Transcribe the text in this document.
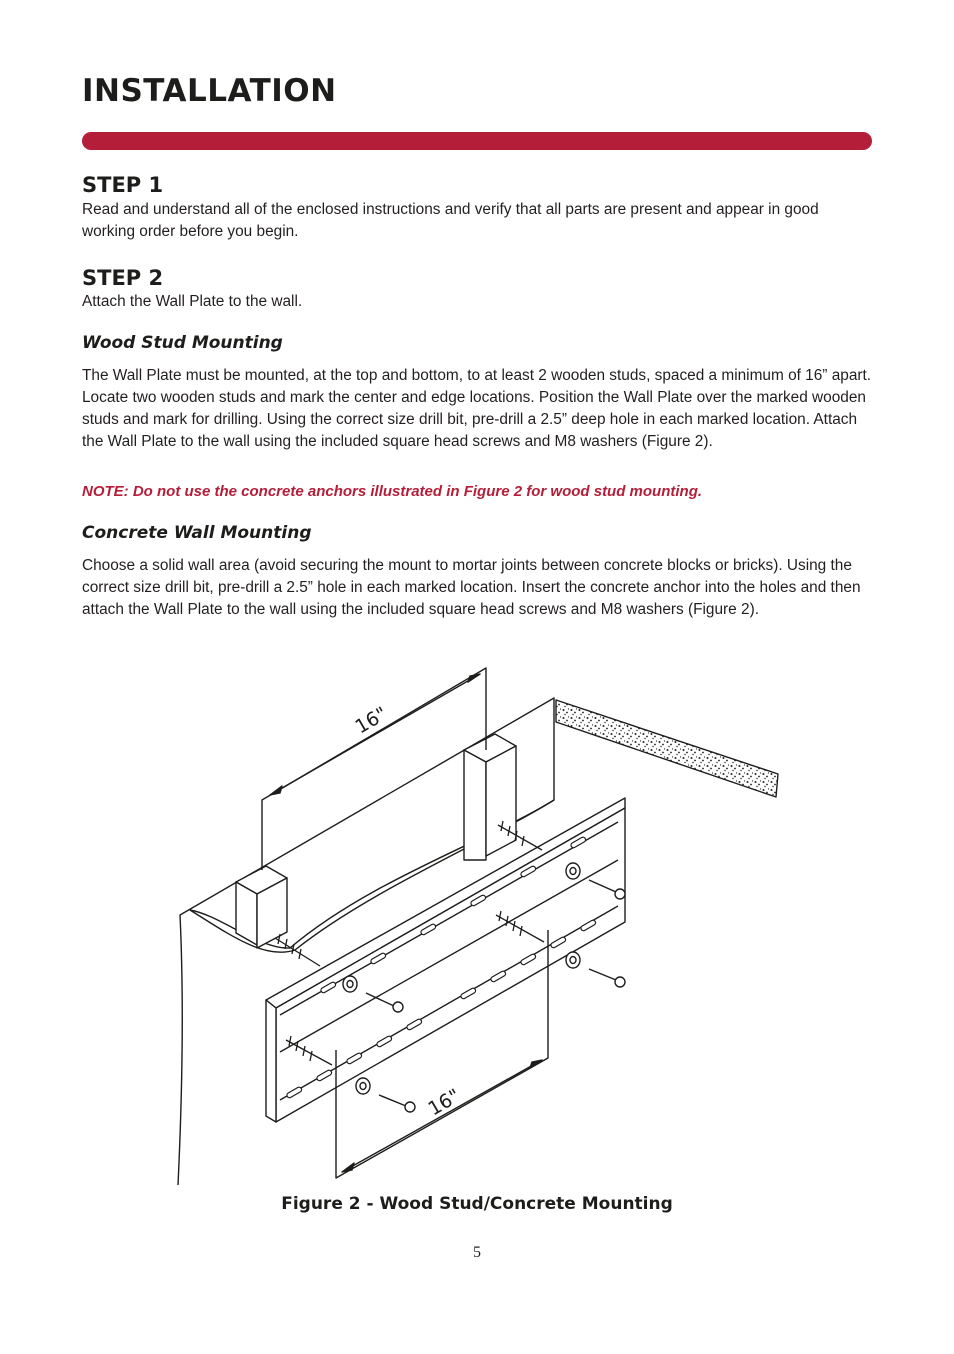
INSTALLATION
STEP 1

Read and understand all of the enclosed instructions and verify that all parts are present and appear in good working order before you begin.

STEP 2

Attach the Wall Plate to the wall.

Wood Stud Mounting

The Wall Plate must be mounted, at the top and bottom, to at least 2 wooden studs, spaced a minimum of 16” apart. Locate two wooden studs and mark the center and edge locations. Position the Wall Plate over the marked wooden studs and mark for drilling. Using the correct size drill bit, pre-drill a 2.5” deep hole in each marked location. Attach the Wall Plate to the wall using the included square head screws and M8 washers (Figure 2).

NOTE: Do not use the concrete anchors illustrated in Figure 2 for wood stud mounting.

Concrete Wall Mounting

Choose a solid wall area (avoid securing the mount to mortar joints between concrete blocks or bricks). Using the correct size drill bit, pre-drill a 2.5” hole in each marked location. Insert the concrete anchor into the holes and then attach the Wall Plate to the wall using the included square head screws and M8 washers (Figure 2).

16"
16"
Figure 2 - Wood Stud/Concrete Mounting
5
